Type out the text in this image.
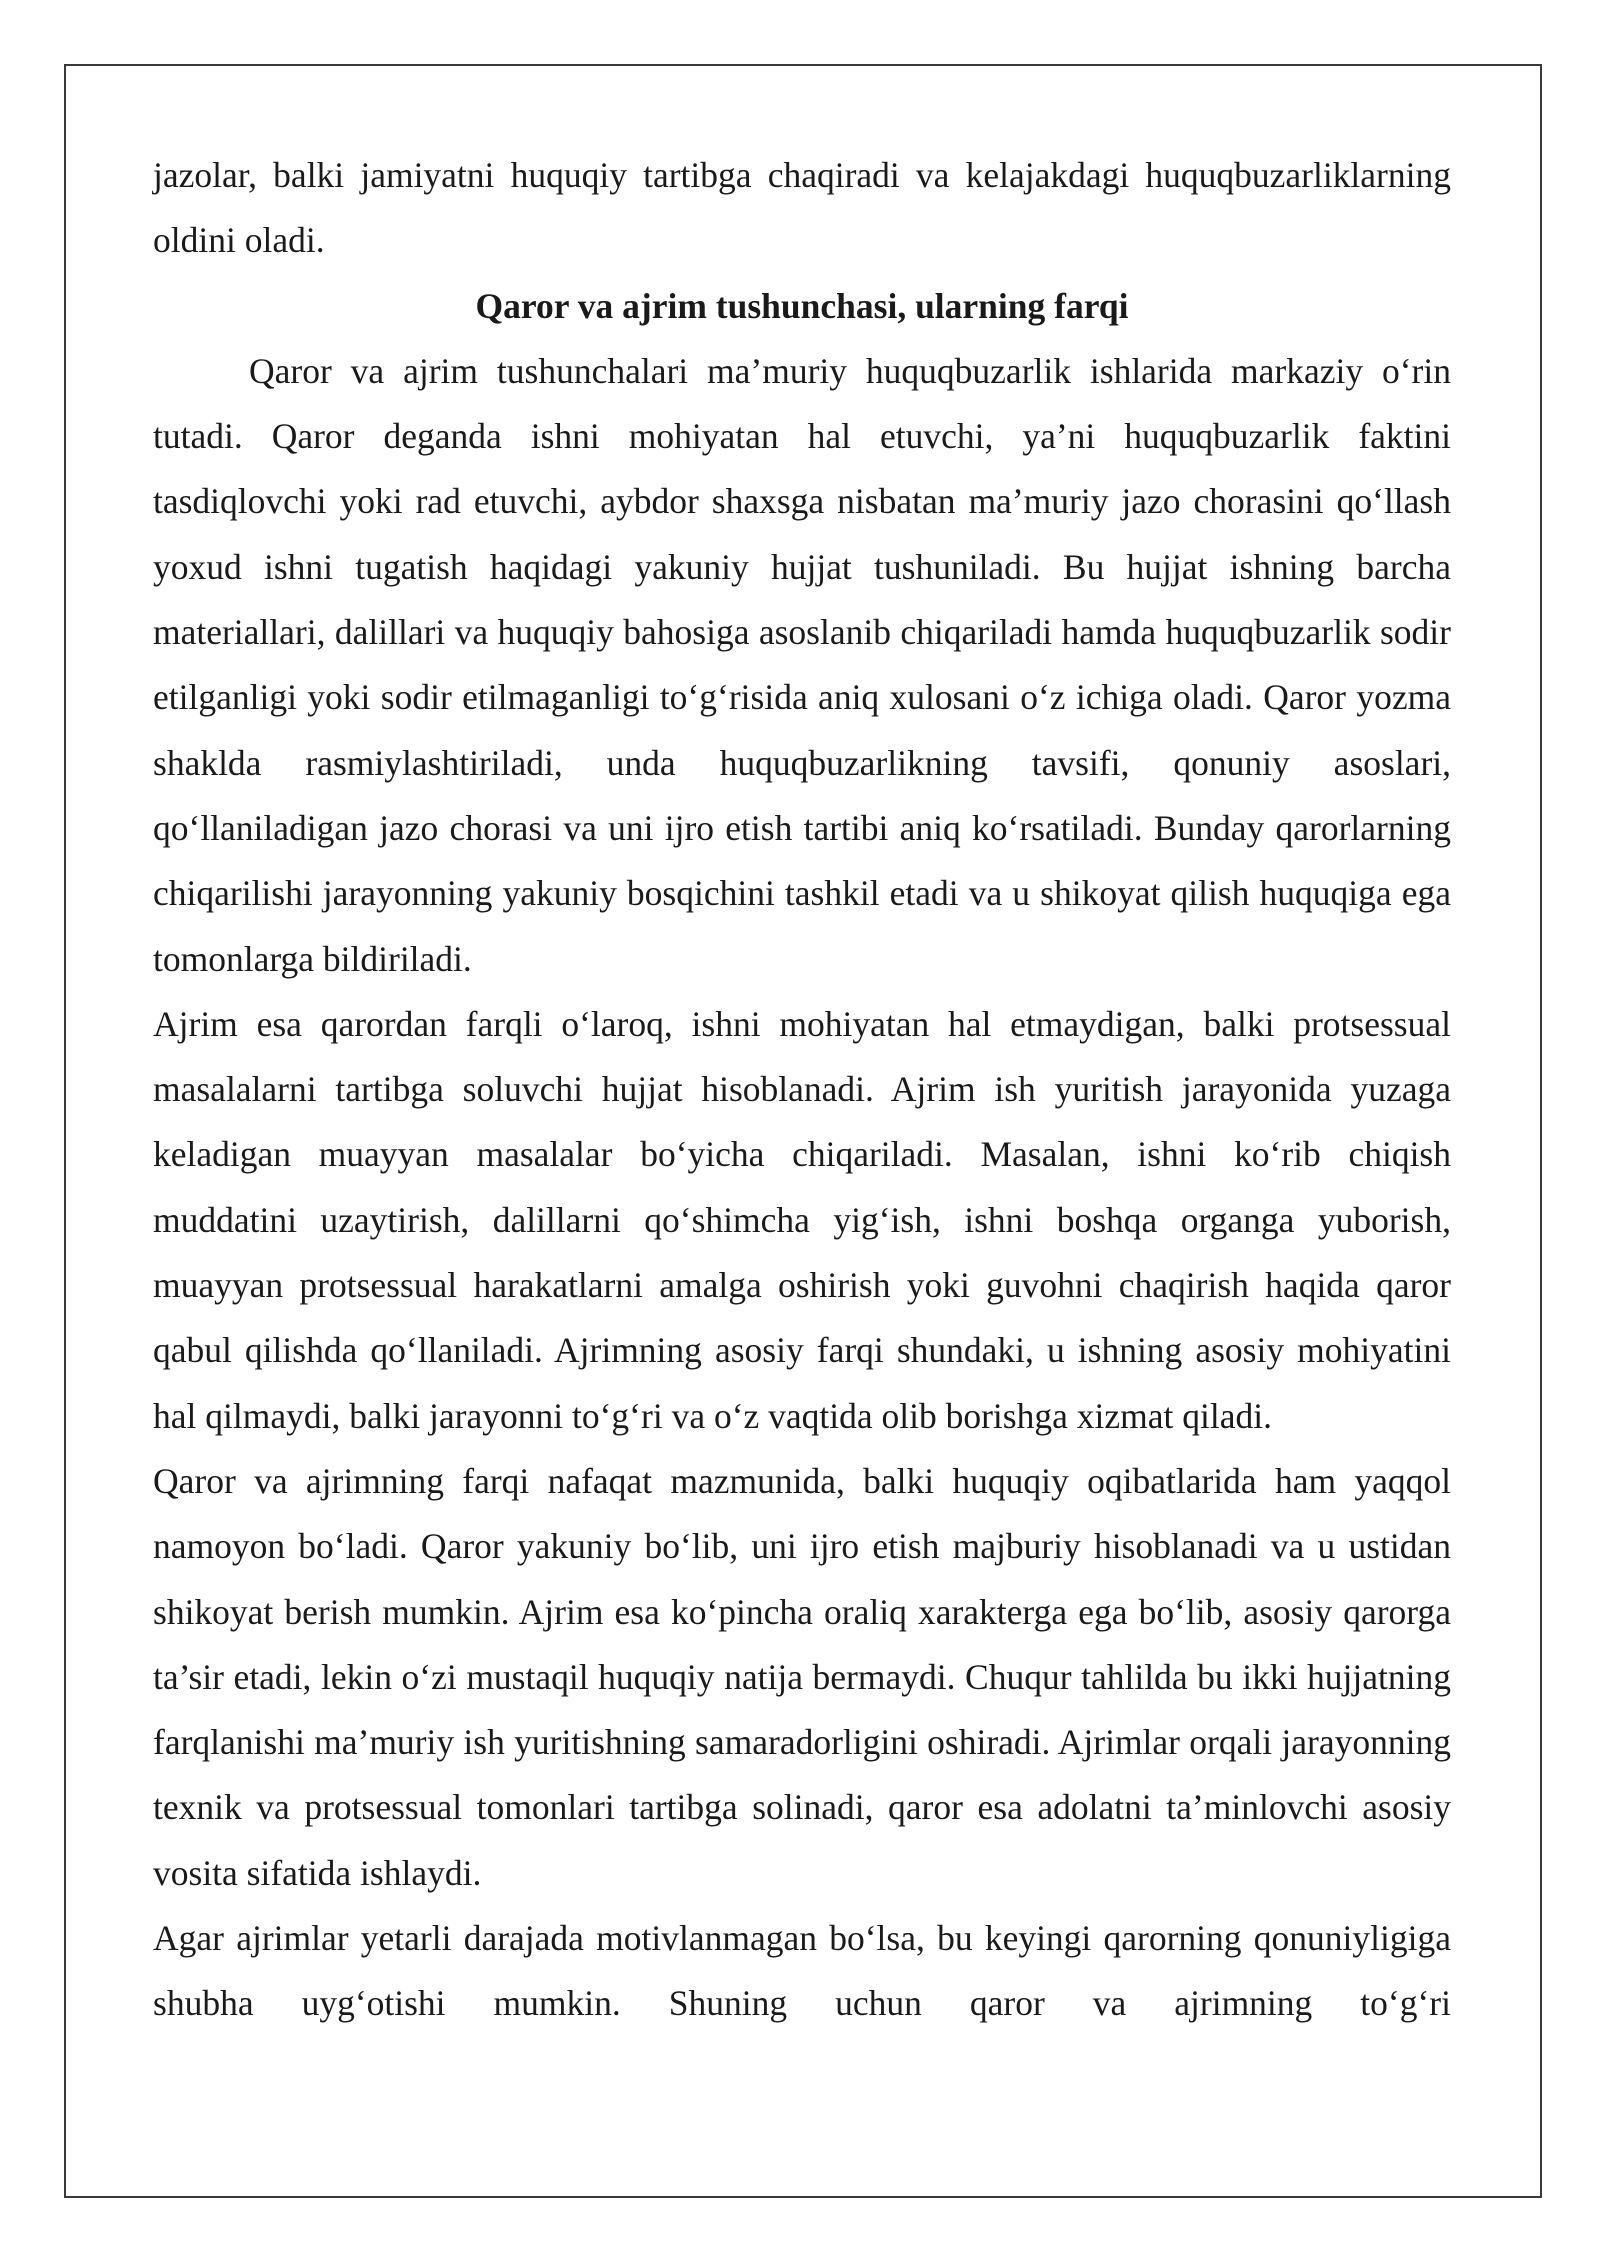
jazolar, balki jamiyatni huquqiy tartibga chaqiradi va kelajakdagi huquqbuzarliklarning oldini oladi.

Qaror va ajrim tushunchasi, ularning farqi

Qaror va ajrim tushunchalari ma’muriy huquqbuzarlik ishlarida markaziy o‘rin tutadi. Qaror deganda ishni mohiyatan hal etuvchi, ya’ni huquqbuzarlik faktini tasdiqlovchi yoki rad etuvchi, aybdor shaxsga nisbatan ma’muriy jazo chorasini qo‘llash yoxud ishni tugatish haqidagi yakuniy hujjat tushuniladi. Bu hujjat ishning barcha materiallari, dalillari va huquqiy bahosiga asoslanib chiqariladi hamda huquqbuzarlik sodir etilganligi yoki sodir etilmaganligi to‘g‘risida aniq xulosani o‘z ichiga oladi. Qaror yozma shaklda rasmiylashtiriladi, unda huquqbuzarlikning tavsifi, qonuniy asoslari, qo‘llaniladigan jazo chorasi va uni ijro etish tartibi aniq ko‘rsatiladi. Bunday qarorlarning chiqarilishi jarayonning yakuniy bosqichini tashkil etadi va u shikoyat qilish huquqiga ega tomonlarga bildiriladi.

Ajrim esa qarordan farqli o‘laroq, ishni mohiyatan hal etmaydigan, balki protsessual masalalarni tartibga soluvchi hujjat hisoblanadi. Ajrim ish yuritish jarayonida yuzaga keladigan muayyan masalalar bo‘yicha chiqariladi. Masalan, ishni ko‘rib chiqish muddatini uzaytirish, dalillarni qo‘shimcha yig‘ish, ishni boshqa organga yuborish, muayyan protsessual harakatlarni amalga oshirish yoki guvohni chaqirish haqida qaror qabul qilishda qo‘llaniladi. Ajrimning asosiy farqi shundaki, u ishning asosiy mohiyatini hal qilmaydi, balki jarayonni to‘g‘ri va o‘z vaqtida olib borishga xizmat qiladi.

Qaror va ajrimning farqi nafaqat mazmunida, balki huquqiy oqibatlarida ham yaqqol namoyon bo‘ladi. Qaror yakuniy bo‘lib, uni ijro etish majburiy hisoblanadi va u ustidan shikoyat berish mumkin. Ajrim esa ko‘pincha oraliq xarakterga ega bo‘lib, asosiy qarorga ta’sir etadi, lekin o‘zi mustaqil huquqiy natija bermaydi. Chuqur tahlilda bu ikki hujjatning farqlanishi ma’muriy ish yuritishning samaradorligini oshiradi. Ajrimlar orqali jarayonning texnik va protsessual tomonlari tartibga solinadi, qaror esa adolatni ta’minlovchi asosiy vosita sifatida ishlaydi.

Agar ajrimlar yetarli darajada motivlanmagan bo‘lsa, bu keyingi qarorning qonuniyligiga shubha uyg‘otishi mumkin. Shuning uchun qaror va ajrimning to‘g‘ri
